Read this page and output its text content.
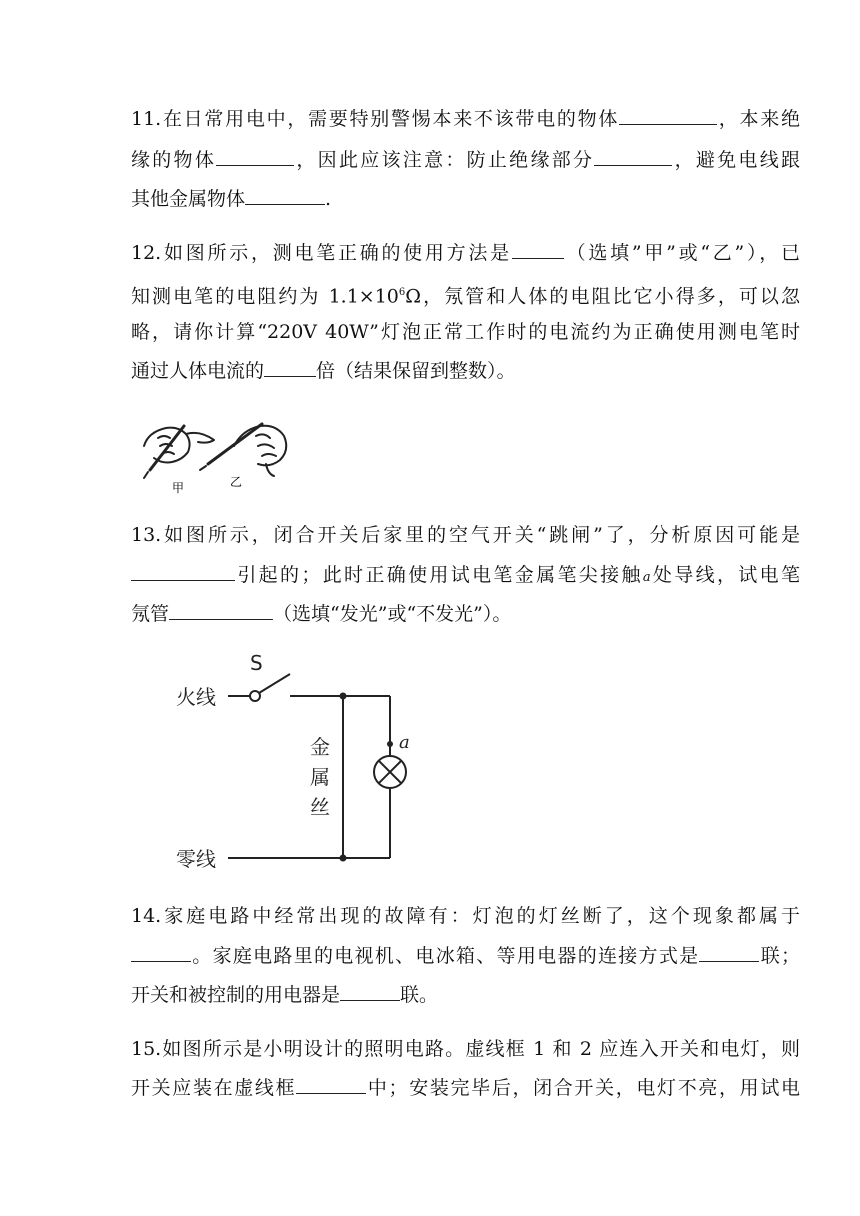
11.在日常用电中，需要特别警惕本来不该带电的物体	，本来绝
缘的物体	，因此应该注意：防止绝缘部分	，避免电线跟
其他金属物体	.
12.如图所示，测电笔正确的使用方法是	（选填”甲”或“乙”），已
知测电笔的电阻约为 $1.1\times 10^6\Omega$，氖管和人体的电阻比它小得多，可以忽
略，请你计算“220V 40W”灯泡正常工作时的电流约为正确使用测电笔时
通过人体电流的	倍（结果保留到整数）。
甲	乙
13.如图所示，闭合开关后家里的空气开关“跳闸”了，分析原因可能是
引起的；此时正确使用试电笔金属笔尖接触a处导线，试电笔
氖管	（选填“发光”或“不发光”）。
S
火线
零线
金
属
丝
a
14.家庭电路中经常出现的故障有：灯泡的灯丝断了，这个现象都属于
。家庭电路里的电视机、电冰箱、等用电器的连接方式是	联；
开关和被控制的用电器是	联。
15.如图所示是小明设计的照明电路。虚线框 1 和 2 应连入开关和电灯，则
开关应装在虚线框	中；安装完毕后，闭合开关，电灯不亮，用试电
